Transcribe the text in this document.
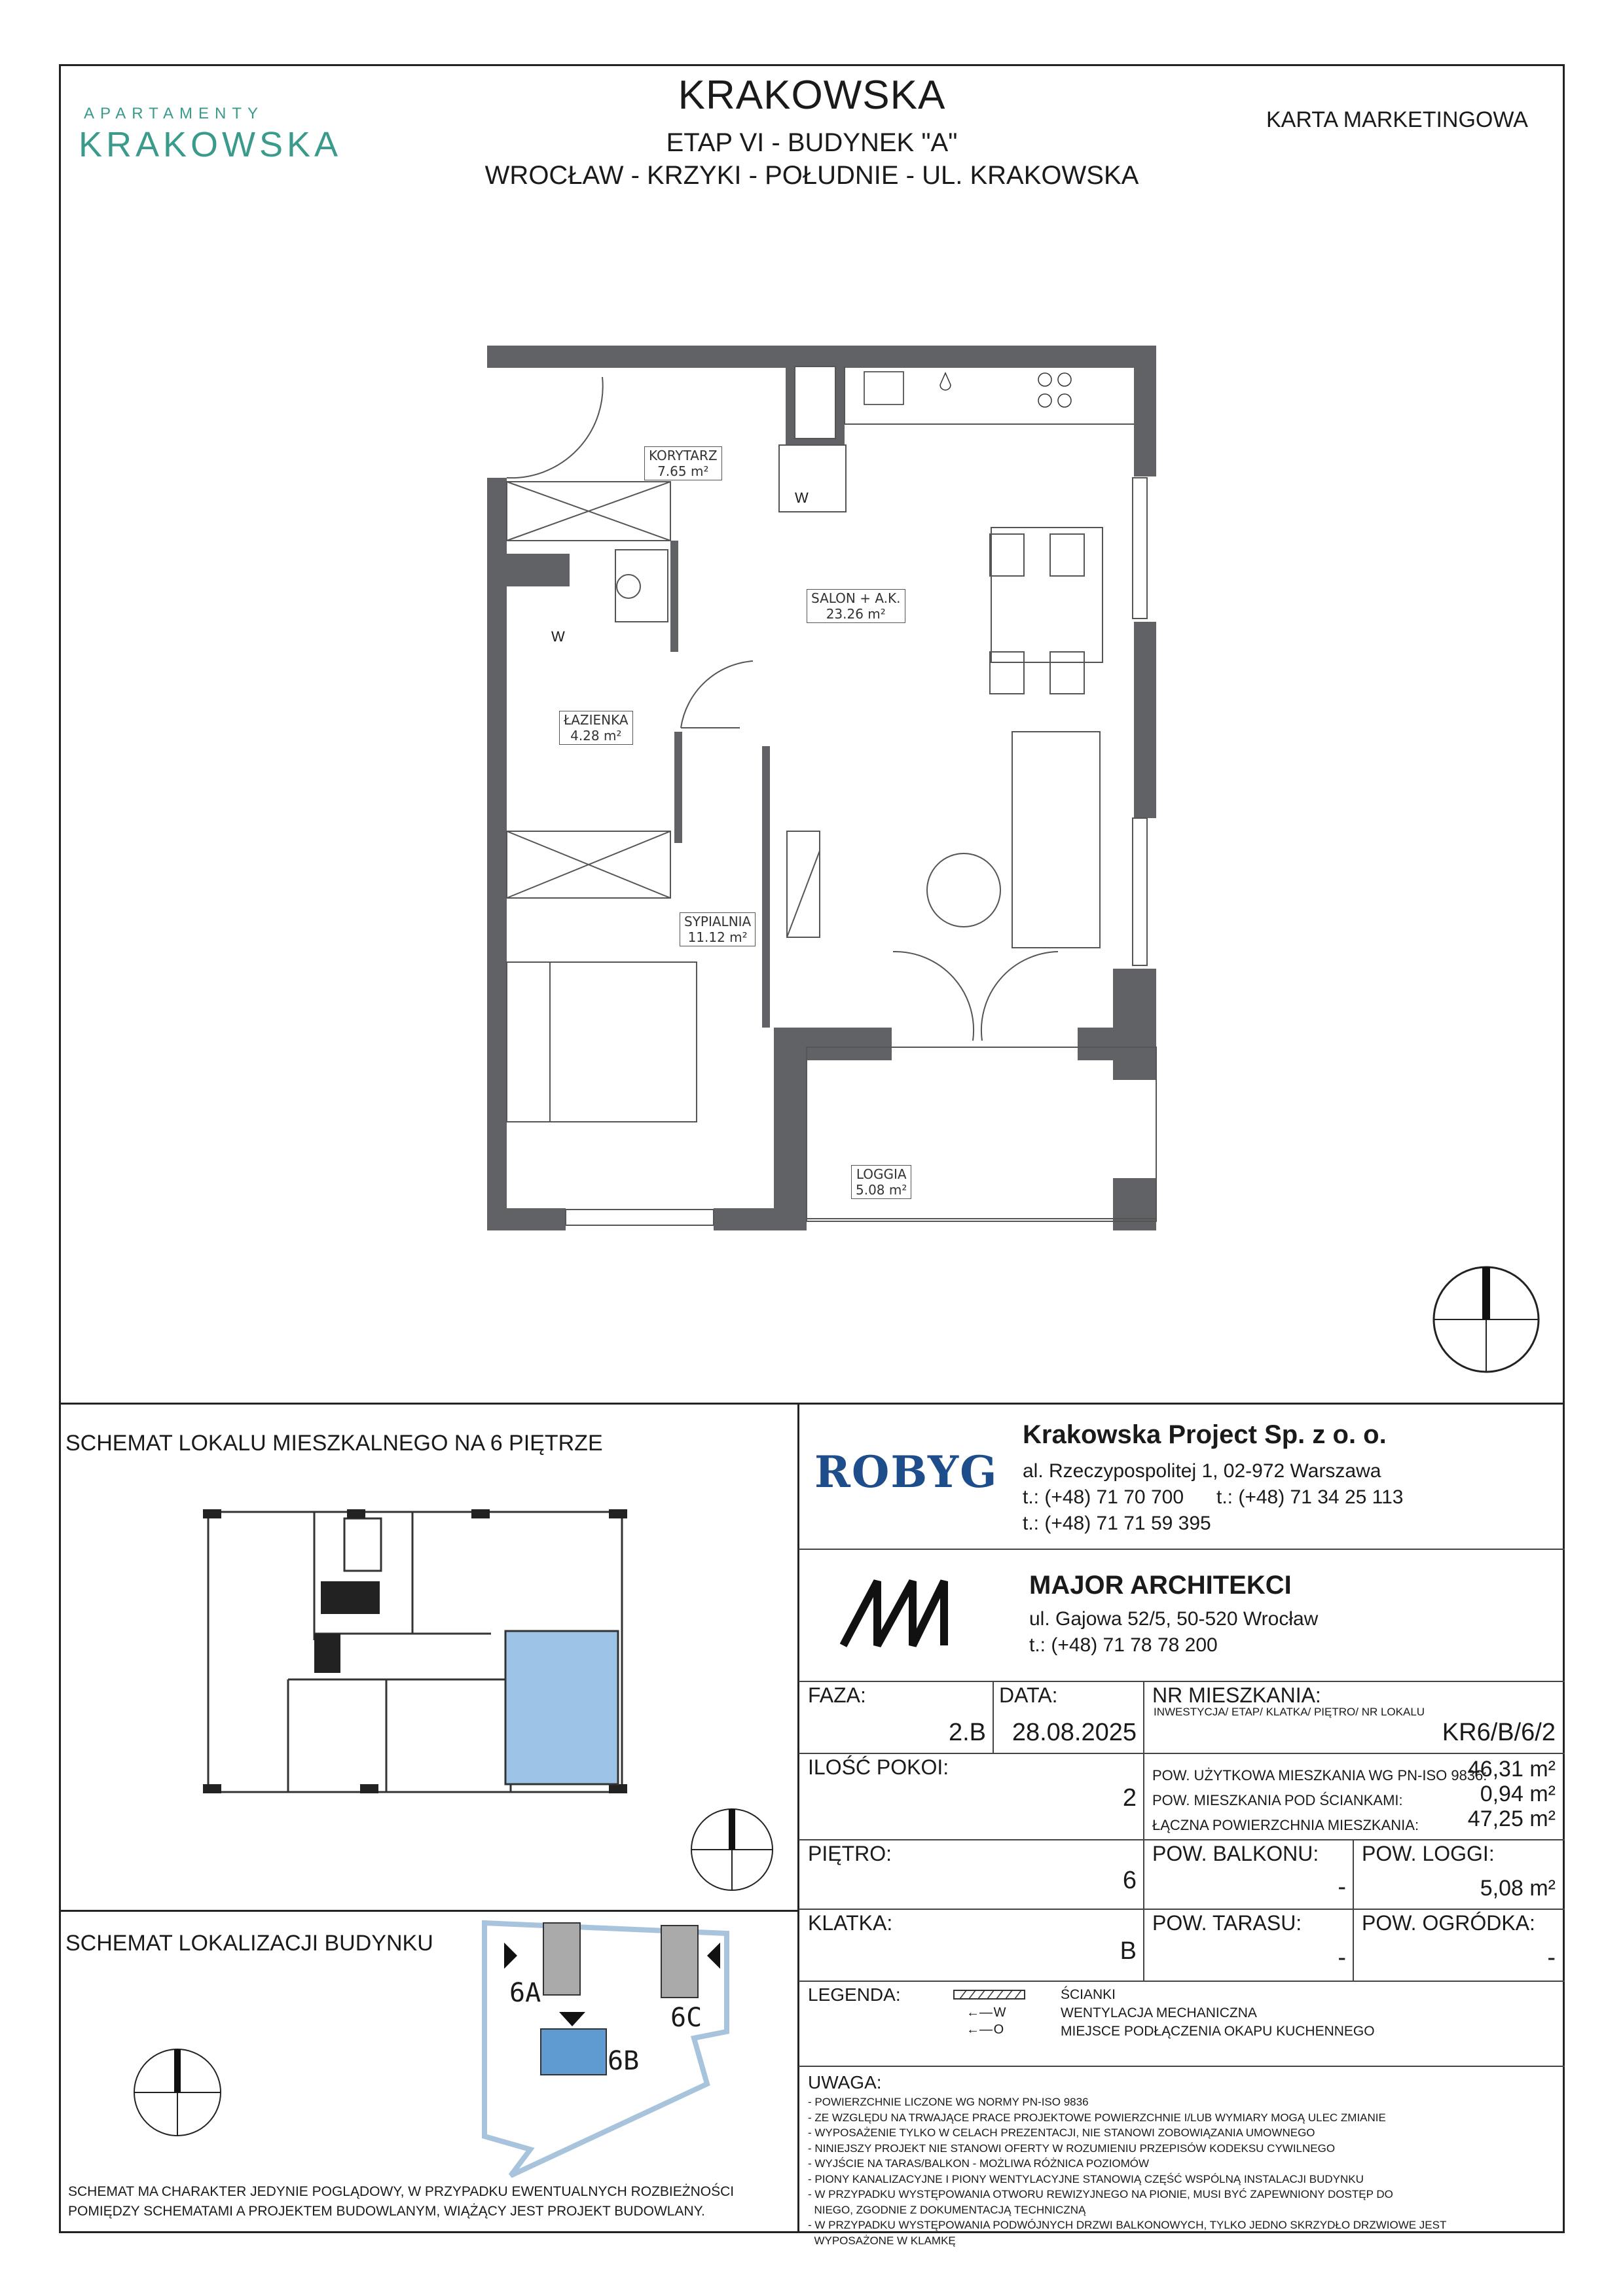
APARTAMENTY
KRAKOWSKA
KRAKOWSKA
ETAP VI - BUDYNEK "A"
WROCŁAW - KRZYKI - POŁUDNIE - UL. KRAKOWSKA
KARTA MARKETINGOWA
KORYTARZ
7.65 m²
SALON + A.K.
23.26 m²
ŁAZIENKA
4.28 m²
SYPIALNIA
11.12 m²
LOGGIA
5.08 m²
W
W
SCHEMAT LOKALU MIESZKALNEGO NA 6 PIĘTRZE
SCHEMAT LOKALIZACJI BUDYNKU
6A
6B
6C
SCHEMAT MA CHARAKTER JEDYNIE POGLĄDOWY, W PRZYPADKU EWENTUALNYCH ROZBIEŻNOŚCI POMIĘDZY SCHEMATAMI A PROJEKTEM BUDOWLANYM, WIĄŻĄCY JEST PROJEKT BUDOWLANY.
ROBYG
Krakowska Project Sp. z o. o.
al. Rzeczypospolitej 1, 02-972 Warszawa
t.: (+48) 71 70 700 t.: (+48) 71 34 25 113
t.: (+48) 71 71 59 395
MAJOR ARCHITEKCI
ul. Gajowa 52/5, 50-520 Wrocław
t.: (+48) 71 78 78 200
FAZA:
2.B
DATA:
28.08.2025
NR MIESZKANIA:
INWESTYCJA/ ETAP/ KLATKA/ PIĘTRO/ NR LOKALU
KR6/B/6/2
ILOŚĆ POKOI:
2
POW. UŻYTKOWA MIESZKANIA WG PN-ISO 9836:
46,31 m²
POW. MIESZKANIA POD ŚCIANKAMI:	0,94 m²
ŁĄCZNA POWIERZCHNIA MIESZKANIA:	47,25 m²
PIĘTRO:
6
POW. BALKONU:
-
POW. LOGGI:
5,08 m²
KLATKA:
B
POW. TARASU:
-
POW. OGRÓDKA:
-
LEGENDA:
←— W
←— O
ŚCIANKI
WENTYLACJA MECHANICZNA
MIEJSCE PODŁĄCZENIA OKAPU KUCHENNEGO
UWAGA:
- POWIERZCHNIE LICZONE WG NORMY PN-ISO 9836
- ZE WZGLĘDU NA TRWAJĄCE PRACE PROJEKTOWE POWIERZCHNIE I/LUB WYMIARY MOGĄ ULEC ZMIANIE
- WYPOSAŻENIE TYLKO W CELACH PREZENTACJI, NIE STANOWI ZOBOWIĄZANIA UMOWNEGO
- NINIEJSZY PROJEKT NIE STANOWI OFERTY W ROZUMIENIU PRZEPISÓW KODEKSU CYWILNEGO
- WYJŚCIE NA TARAS/BALKON - MOŻLIWA RÓŻNICA POZIOMÓW
- PIONY KANALIZACYJNE I PIONY WENTYLACYJNE STANOWIĄ CZĘŚĆ WSPÓLNĄ INSTALACJI BUDYNKU
- W PRZYPADKU WYSTĘPOWANIA OTWORU REWIZYJNEGO NA PIONIE, MUSI BYĆ ZAPEWNIONY DOSTĘP DO
NIEGO, ZGODNIE Z DOKUMENTACJĄ TECHNICZNĄ
- W PRZYPADKU WYSTĘPOWANIA PODWÓJNYCH DRZWI BALKONOWYCH, TYLKO JEDNO SKRZYDŁO DRZWIOWE JEST
WYPOSAŻONE W KLAMKĘ
